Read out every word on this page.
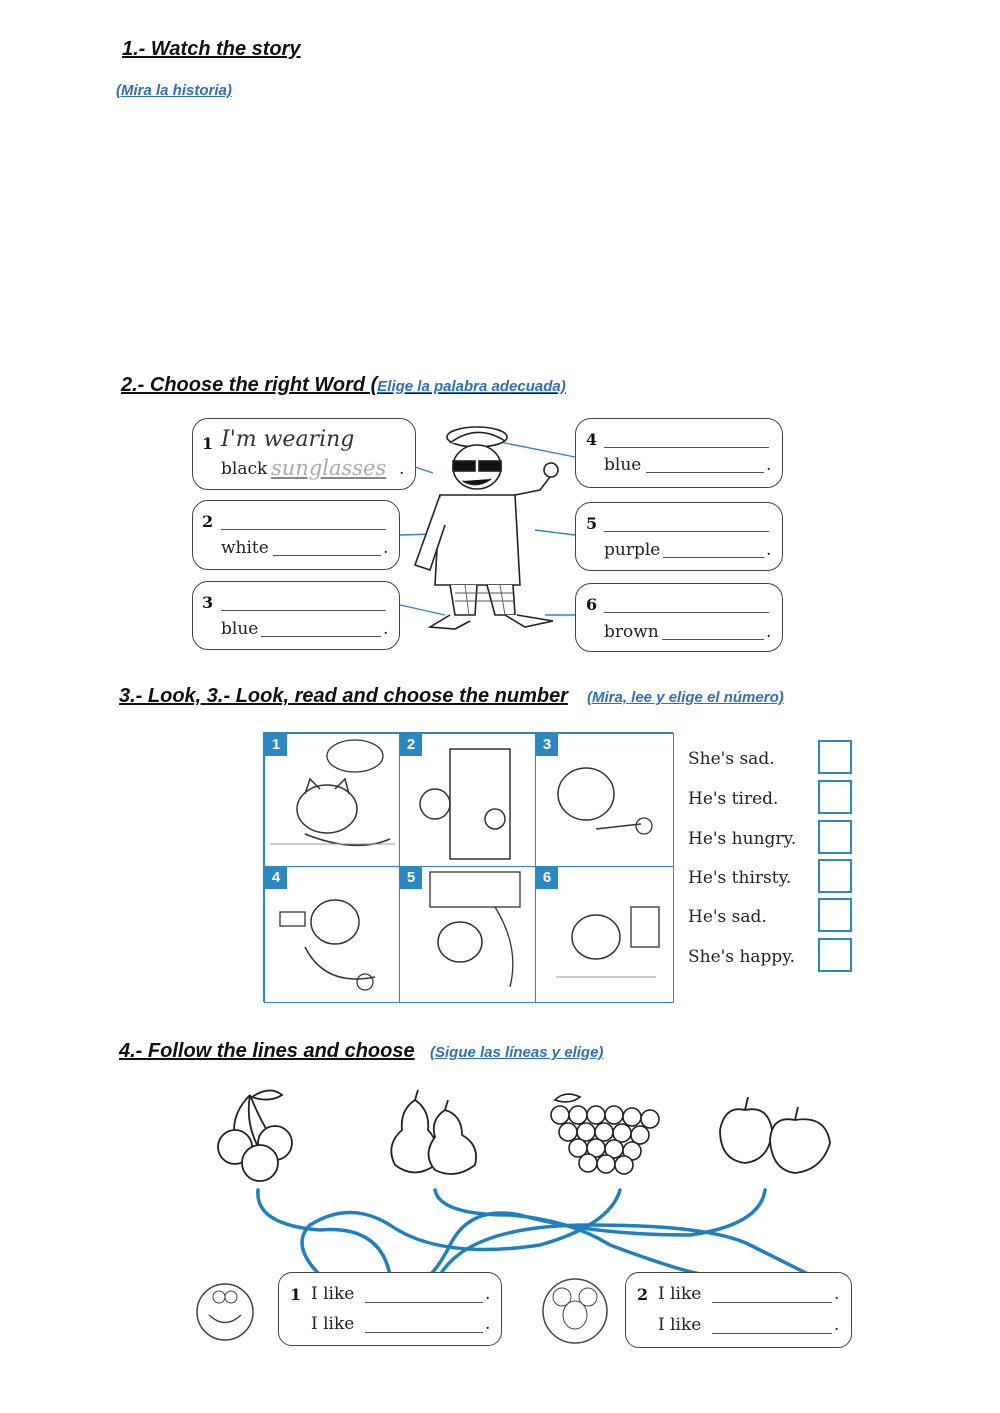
1.- Watch the story
(Mira la historia)
2.- Choose the right Word (Elige la palabra adecuada)
1 I'm wearing
black sunglasses .
2
white	.
3
blue	.
4
blue	.
5
purple	.
6
brown	.
3.- Look, 3.- Look, read and choose the number (Mira, lee y elige el número)
1	2	3
4	5	6
She's sad.
He's tired.
He's hungry.
He's thirsty.
He's sad.
She's happy.
4.- Follow the lines and choose (Sigue las líneas y elige)
1 I like	.
I like	.
2 I like	.
I like	.
